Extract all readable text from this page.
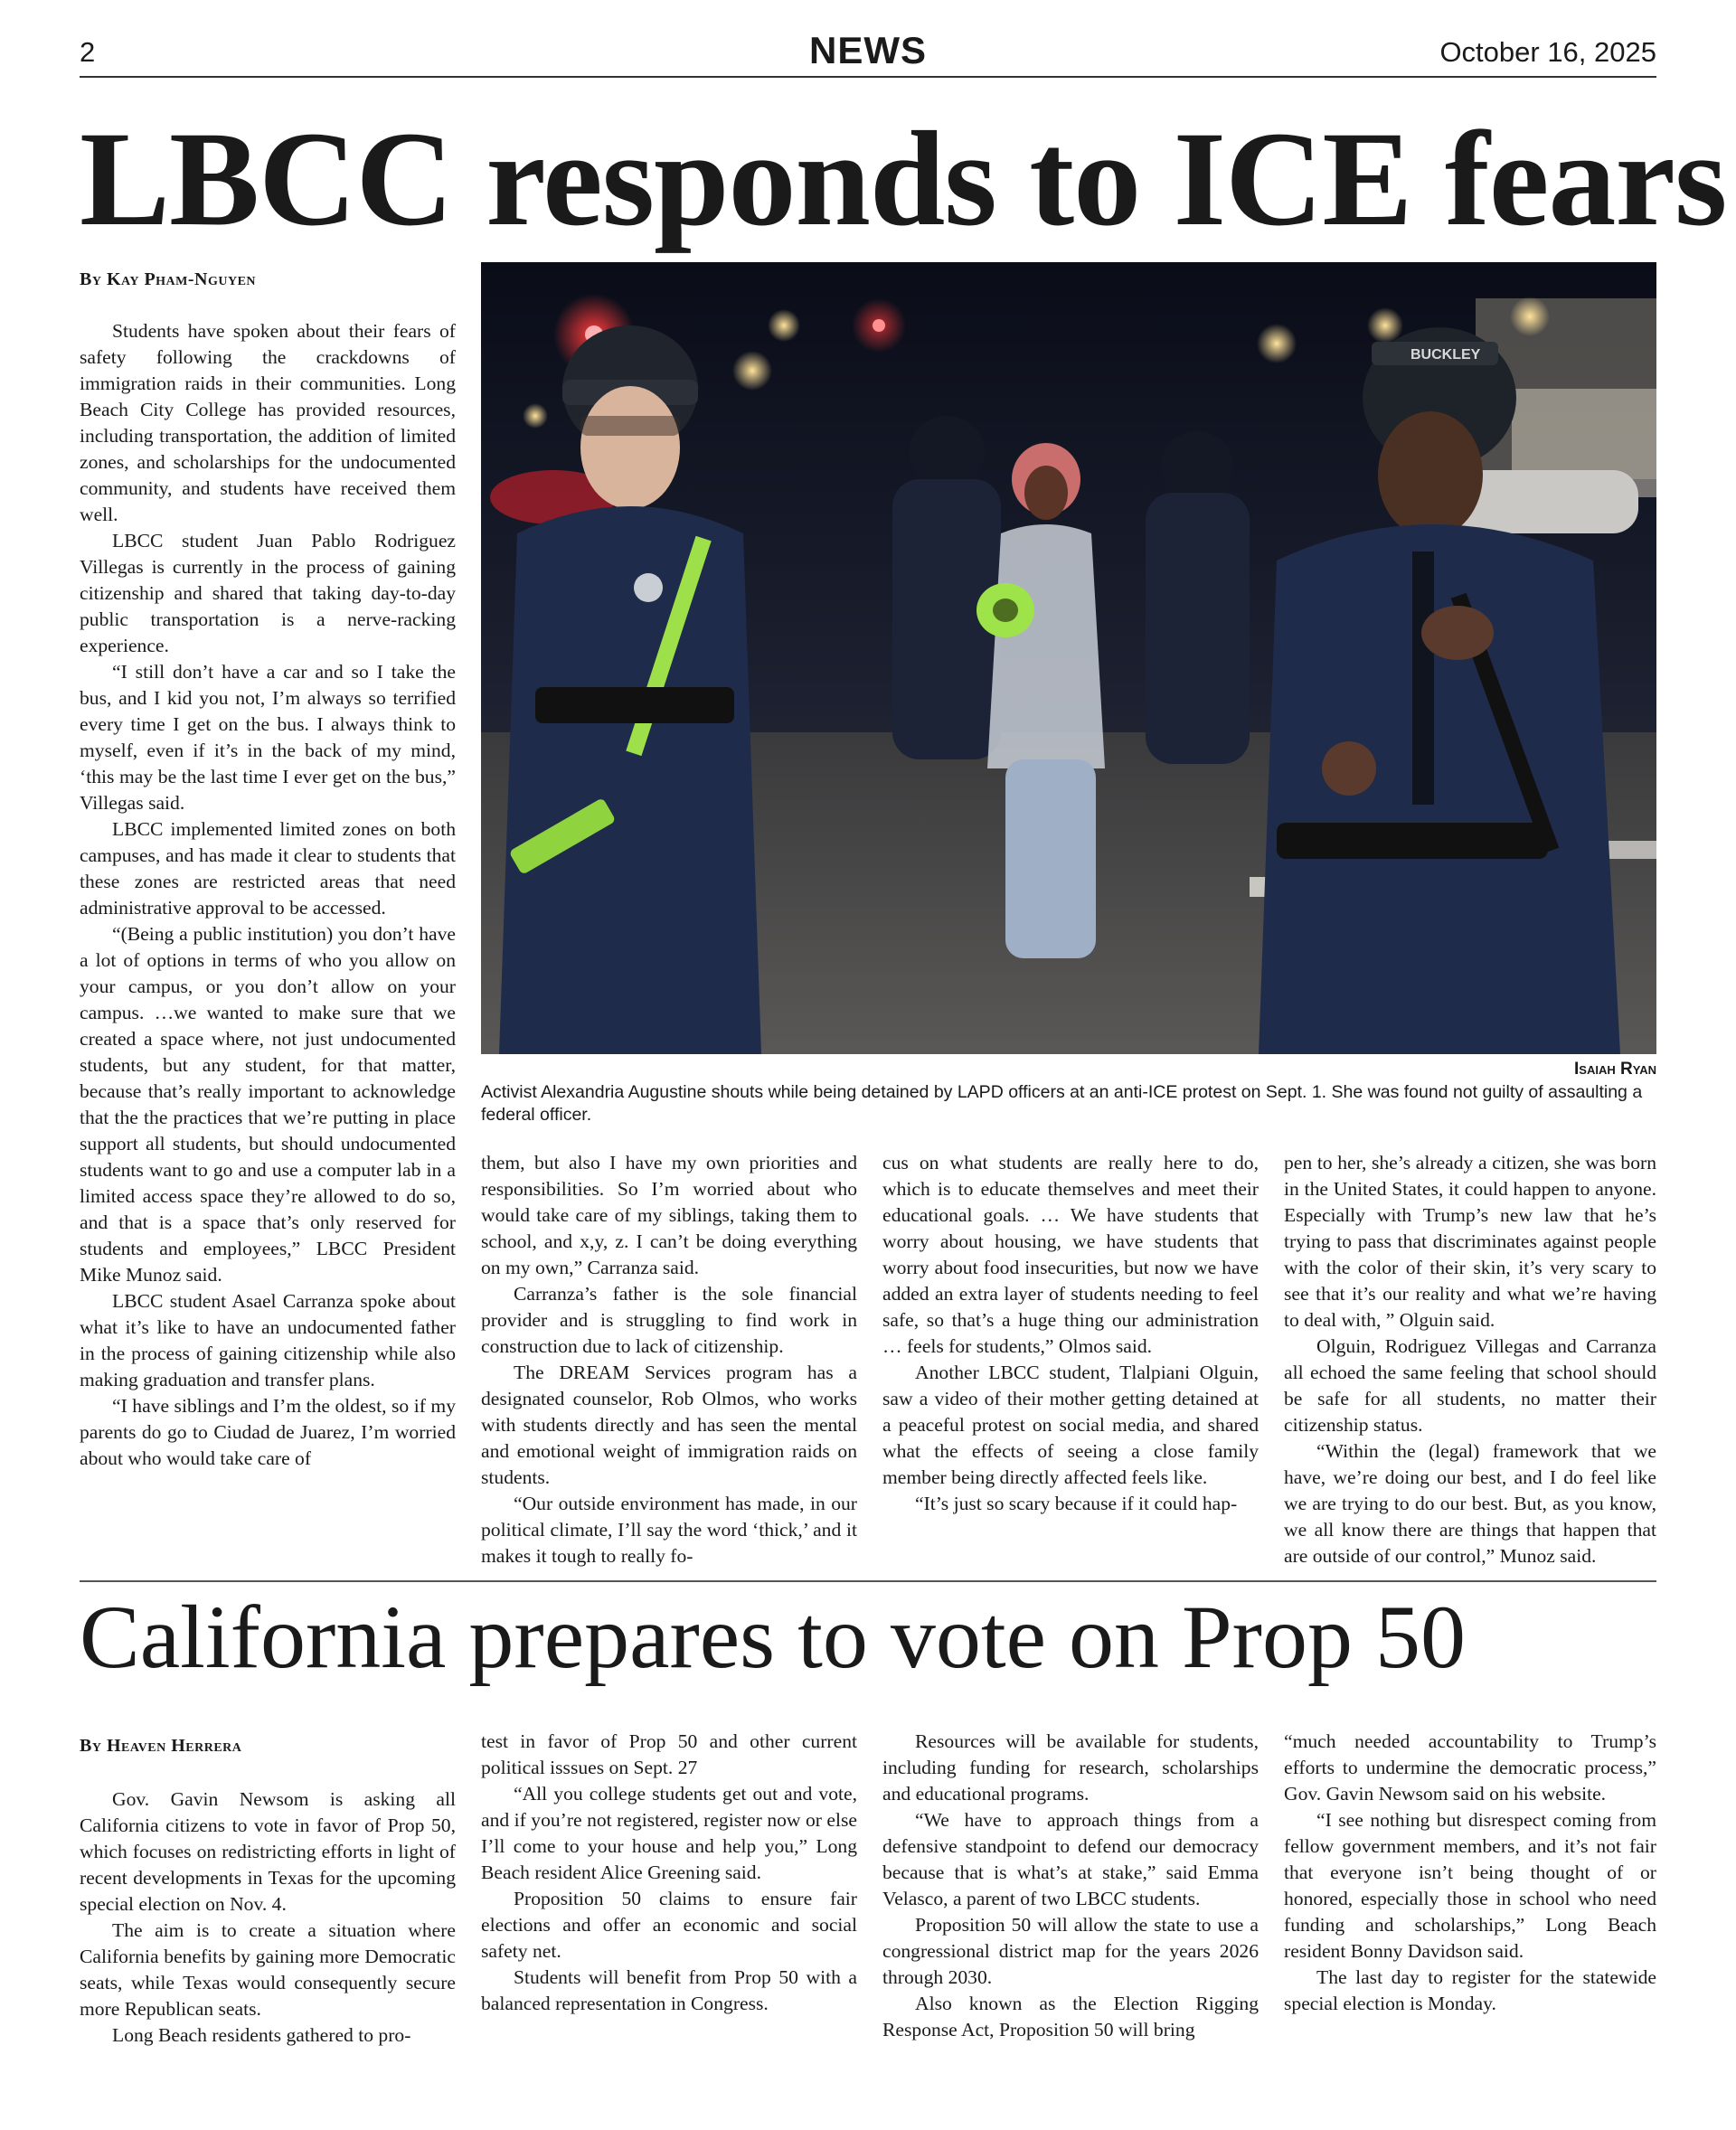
2	NEWS	October 16, 2025
LBCC responds to ICE fears
By Kay Pham-Nguyen

Students have spoken about their fears of safety following the crackdowns of immigration raids in their communities. Long Beach City College has provided resources, including transportation, the addition of limited zones, and scholarships for the undocumented community, and students have received them well.

LBCC student Juan Pablo Rodriguez Villegas is currently in the process of gaining citizenship and shared that taking day-to-day public transportation is a nerve-racking experience.

“I still don’t have a car and so I take the bus, and I kid you not, I’m always so terrified every time I get on the bus. I always think to myself, even if it’s in the back of my mind, ‘this may be the last time I ever get on the bus,” Villegas said.

LBCC implemented limited zones on both campuses, and has made it clear to students that these zones are restricted areas that need administrative approval to be accessed.

“(Being a public institution) you don’t have a lot of options in terms of who you allow on your campus, or you don’t allow on your campus. …we wanted to make sure that we created a space where, not just undocumented students, but any student, for that matter, because that’s really important to acknowledge that the the practices that we’re putting in place support all students, but should undocumented students want to go and use a computer lab in a limited access space they’re allowed to do so, and that is a space that’s only reserved for students and employees,” LBCC President Mike Munoz said.

LBCC student Asael Carranza spoke about what it’s like to have an undocumented father in the process of gaining citizenship while also making graduation and transfer plans.

“I have siblings and I’m the oldest, so if my parents do go to Ciudad de Juarez, I’m worried about who would take care of

BUCKLEY
Isaiah Ryan
Activist Alexandria Augustine shouts while being detained by LAPD officers at an anti-ICE protest on Sept. 1. She was found not guilty of assaulting a federal officer.

them, but also I have my own priorities and responsibilities. So I’m worried about who would take care of my siblings, taking them to school, and x,y, z. I can’t be doing everything on my own,” Carranza said.

Carranza’s father is the sole financial provider and is struggling to find work in construction due to lack of citizenship.

The DREAM Services program has a designated counselor, Rob Olmos, who works with students directly and has seen the mental and emotional weight of immigration raids on students.

“Our outside environment has made, in our political climate, I’ll say the word ‘thick,’ and it makes it tough to really fo-

cus on what students are really here to do, which is to educate themselves and meet their educational goals. … We have students that worry about housing, we have students that worry about food insecurities, but now we have added an extra layer of students needing to feel safe, so that’s a huge thing our administration … feels for students,” Olmos said.

Another LBCC student, Tlalpiani Olguin, saw a video of their mother getting detained at a peaceful protest on social media, and shared what the effects of seeing a close family member being directly affected feels like.

“It’s just so scary because if it could hap-

pen to her, she’s already a citizen, she was born in the United States, it could happen to anyone. Especially with Trump’s new law that he’s trying to pass that discriminates against people with the color of their skin, it’s very scary to see that it’s our reality and what we’re having to deal with, ” Olguin said.

Olguin, Rodriguez Villegas and Carranza all echoed the same feeling that school should be safe for all students, no matter their citizenship status.

“Within the (legal) framework that we have, we’re doing our best, and I do feel like we are trying to do our best. But, as you know, we all know there are things that happen that are outside of our control,” Munoz said.

California prepares to vote on Prop 50
By Heaven Herrera

Gov. Gavin Newsom is asking all California citizens to vote in favor of Prop 50, which focuses on redistricting efforts in light of recent developments in Texas for the upcoming special election on Nov. 4.

The aim is to create a situation where California benefits by gaining more Democratic seats, while Texas would consequently secure more Republican seats.

Long Beach residents gathered to pro-

test in favor of Prop 50 and other current political isssues on Sept. 27

“All you college students get out and vote, and if you’re not registered, register now or else I’ll come to your house and help you,” Long Beach resident Alice Greening said.

Proposition 50 claims to ensure fair elections and offer an economic and social safety net.

Students will benefit from Prop 50 with a balanced representation in Congress.

Resources will be available for students, including funding for research, scholarships and educational programs.

“We have to approach things from a defensive standpoint to defend our democracy because that is what’s at stake,” said Emma Velasco, a parent of two LBCC students.

Proposition 50 will allow the state to use a congressional district map for the years 2026 through 2030.

Also known as the Election Rigging Response Act, Proposition 50 will bring

“much needed accountability to Trump’s efforts to undermine the democratic process,” Gov. Gavin Newsom said on his website.

“I see nothing but disrespect coming from fellow government members, and it’s not fair that everyone isn’t being thought of or honored, especially those in school who need funding and scholarships,” Long Beach resident Bonny Davidson said.

The last day to register for the statewide special election is Monday.
